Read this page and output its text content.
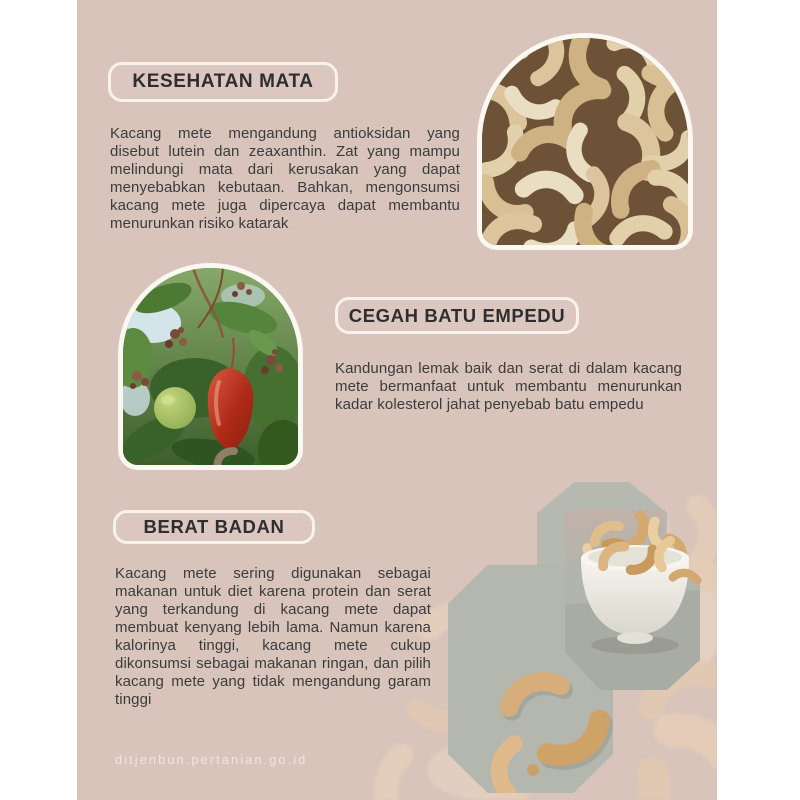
KESEHATAN MATA

Kacang mete mengandung antioksidan yang disebut lutein dan zeaxanthin. Zat yang mampu melindungi mata dari kerusakan yang dapat menyebabkan kebutaan. Bahkan, mengonsumsi kacang mete juga dipercaya dapat membantu menurunkan risiko katarak

CEGAH BATU EMPEDU

Kandungan lemak baik dan serat di dalam kacang mete bermanfaat untuk membantu menurunkan kadar kolesterol jahat penyebab batu empedu

BERAT BADAN

Kacang mete sering digunakan sebagai makanan untuk diet karena protein dan serat yang terkandung di kacang mete dapat membuat kenyang lebih lama. Namun karena kalorinya tinggi, kacang mete cukup dikonsumsi sebagai makanan ringan, dan pilih kacang mete yang tidak mengandung garam tinggi

ditjenbun.pertanian.go.id
